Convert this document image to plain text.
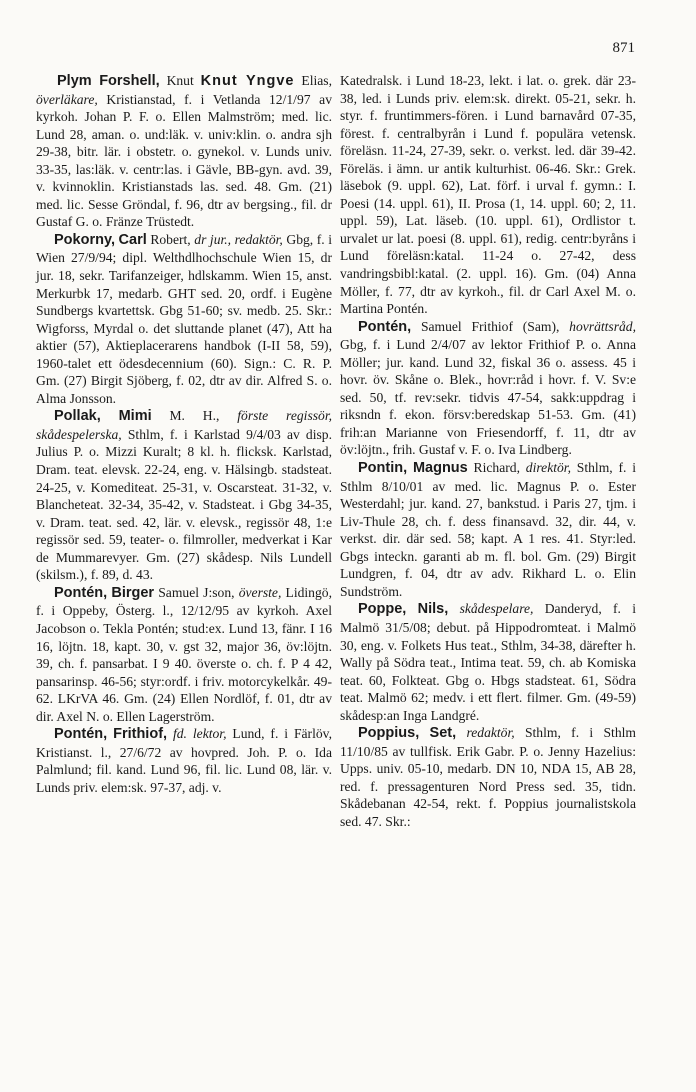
871

Plym Forshell, Knut Knut Yngve Elias, överläkare, Kristianstad, f. i Vetlanda 12/1/97 av kyrkoh. Johan P. F. o. Ellen Malmström; med. lic. Lund 28, aman. o. und:läk. v. univ:klin. o. andra sjh 29-38, bitr. lär. i obstetr. o. gynekol. v. Lunds univ. 33-35, las:läk. v. centr:las. i Gävle, BB-gyn. avd. 39, v. kvinnoklin. Kristianstads las. sed. 48. Gm. (21) med. lic. Sesse Gröndal, f. 96, dtr av bergsing., fil. dr Gustaf G. o. Fränze Trüstedt.

Pokorny, Carl Robert, dr jur., redaktör, Gbg, f. i Wien 27/9/94; dipl. Welthdlhochschule Wien 15, dr jur. 18, sekr. Tarifanzeiger, hdlskamm. Wien 15, anst. Merkurbk 17, medarb. GHT sed. 20, ordf. i Eugène Sundbergs kvartettsk. Gbg 51-60; sv. medb. 25. Skr.: Wigforss, Myrdal o. det sluttande planet (47), Att ha aktier (57), Aktieplacerarens handbok (I-II 58, 59), 1960-talet ett ödesdecennium (60). Sign.: C. R. P. Gm. (27) Birgit Sjöberg, f. 02, dtr av dir. Alfred S. o. Alma Jonsson.

Pollak, Mimi M. H., förste regissör, skådespelerska, Sthlm, f. i Karlstad 9/4/03 av disp. Julius P. o. Mizzi Kuralt; 8 kl. h. flicksk. Karlstad, Dram. teat. elevsk. 22-24, eng. v. Hälsingb. stadsteat. 24-25, v. Komediteat. 25-31, v. Oscarsteat. 31-32, v. Blancheteat. 32-34, 35-42, v. Stadsteat. i Gbg 34-35, v. Dram. teat. sed. 42, lär. v. elevsk., regissör 48, 1:e regissör sed. 59, teater- o. filmroller, medverkat i Kar de Mummarevyer. Gm. (27) skådesp. Nils Lundell (skilsm.), f. 89, d. 43.

Pontén, Birger Samuel J:son, överste, Lidingö, f. i Oppeby, Österg. l., 12/12/95 av kyrkoh. Axel Jacobson o. Tekla Pontén; stud:ex. Lund 13, fänr. I 16 16, löjtn. 18, kapt. 30, v. gst 32, major 36, öv:löjtn. 39, ch. f. pansarbat. I 9 40. överste o. ch. f. P 4 42, pansarinsp. 46-56; styr:ordf. i friv. motorcykelkår. 49-62. LKrVA 46. Gm. (24) Ellen Nordlöf, f. 01, dtr av dir. Axel N. o. Ellen Lagerström.

Pontén, Frithiof, fd. lektor, Lund, f. i Färlöv, Kristianst. l., 27/6/72 av hovpred. Joh. P. o. Ida Palmlund; fil. kand. Lund 96, fil. lic. Lund 08, lär. v. Lunds priv. elem:sk. 97-37, adj. v.

Katedralsk. i Lund 18-23, lekt. i lat. o. grek. där 23-38, led. i Lunds priv. elem:sk. direkt. 05-21, sekr. h. styr. f. fruntimmers-fören. i Lund barnavård 07-35, förest. f. centralbyrån i Lund f. populära vetensk. föreläsn. 11-24, 27-39, sekr. o. verkst. led. där 39-42. Föreläs. i ämn. ur antik kulturhist. 06-46. Skr.: Grek. läsebok (9. uppl. 62), Lat. förf. i urval f. gymn.: I. Poesi (14. uppl. 61), II. Prosa (1, 14. uppl. 60; 2, 11. uppl. 59), Lat. läseb. (10. uppl. 61), Ordlistor t. urvalet ur lat. poesi (8. uppl. 61), redig. centr:byråns i Lund föreläsn:katal. 11-24 o. 27-42, dess vandringsbibl:katal. (2. uppl. 16). Gm. (04) Anna Möller, f. 77, dtr av kyrkoh., fil. dr Carl Axel M. o. Martina Pontén.

Pontén, Samuel Frithiof (Sam), hovrättsråd, Gbg, f. i Lund 2/4/07 av lektor Frithiof P. o. Anna Möller; jur. kand. Lund 32, fiskal 36 o. assess. 45 i hovr. öv. Skåne o. Blek., hovr:råd i hovr. f. V. Sv:e sed. 50, tf. rev:sekr. tidvis 47-54, sakk:uppdrag i riksndn f. ekon. försv:beredskap 51-53. Gm. (41) frih:an Marianne von Friesendorff, f. 11, dtr av öv:löjtn., frih. Gustaf v. F. o. Iva Lindberg.

Pontin, Magnus Richard, direktör, Sthlm, f. i Sthlm 8/10/01 av med. lic. Magnus P. o. Ester Westerdahl; jur. kand. 27, bankstud. i Paris 27, tjm. i Liv-Thule 28, ch. f. dess finansavd. 32, dir. 44, v. verkst. dir. där sed. 58; kapt. A 1 res. 41. Styr:led. Gbgs inteckn. garanti ab m. fl. bol. Gm. (29) Birgit Lundgren, f. 04, dtr av adv. Rikhard L. o. Elin Sundström.

Poppe, Nils, skådespelare, Danderyd, f. i Malmö 31/5/08; debut. på Hippodromteat. i Malmö 30, eng. v. Folkets Hus teat., Sthlm, 34-38, därefter h. Wally på Södra teat., Intima teat. 59, ch. ab Komiska teat. 60, Folkteat. Gbg o. Hbgs stadsteat. 61, Södra teat. Malmö 62; medv. i ett flert. filmer. Gm. (49-59) skådesp:an Inga Landgré.

Poppius, Set, redaktör, Sthlm, f. i Sthlm 11/10/85 av tullfisk. Erik Gabr. P. o. Jenny Hazelius: Upps. univ. 05-10, medarb. DN 10, NDA 15, AB 28, red. f. pressagenturen Nord Press sed. 35, tidn. Skådebanan 42-54, rekt. f. Poppius journalistskola sed. 47. Skr.:
